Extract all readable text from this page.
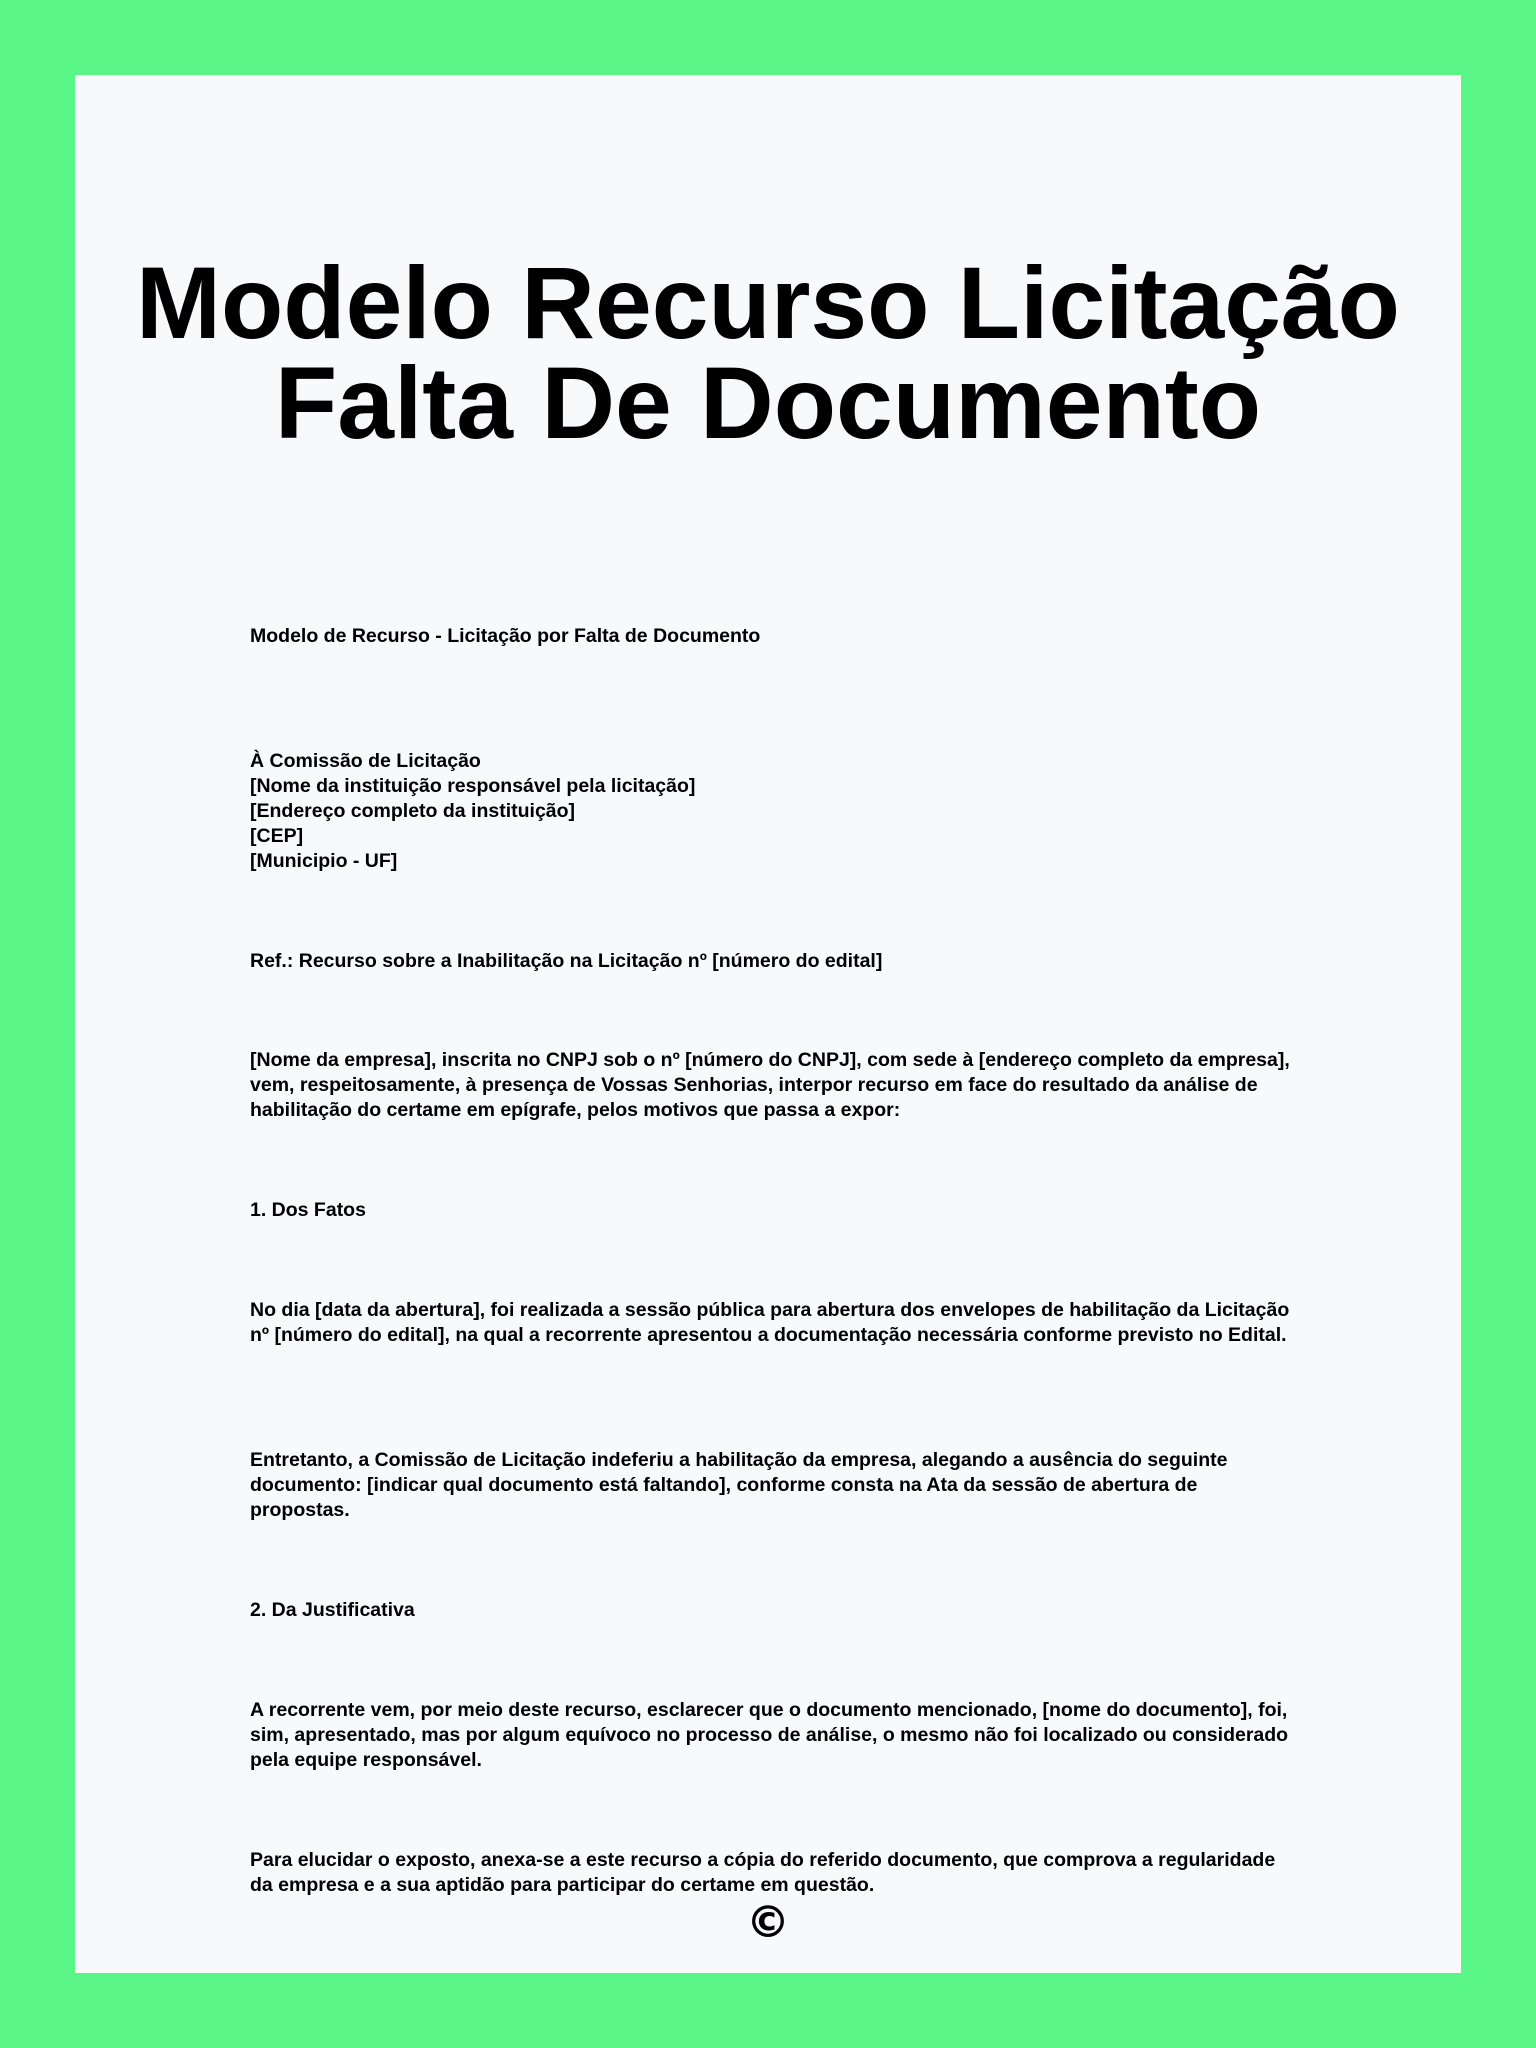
Modelo Recurso Licitação
Falta De Documento

Modelo de Recurso - Licitação por Falta de Documento

À Comissão de Licitação

[Nome da instituição responsável pela licitação]

[Endereço completo da instituição]

[CEP]

[Municipio - UF]

Ref.: Recurso sobre a Inabilitação na Licitação nº [número do edital]

[Nome da empresa], inscrita no CNPJ sob o nº [número do CNPJ], com sede à [endereço completo da empresa], vem, respeitosamente, à presença de Vossas Senhorias, interpor recurso em face do resultado da análise de habilitação do certame em epígrafe, pelos motivos que passa a expor:

1. Dos Fatos

No dia [data da abertura], foi realizada a sessão pública para abertura dos envelopes de habilitação da Licitação nº [número do edital], na qual a recorrente apresentou a documentação necessária conforme previsto no Edital.

Entretanto, a Comissão de Licitação indeferiu a habilitação da empresa, alegando a ausência do seguinte documento: [indicar qual documento está faltando], conforme consta na Ata da sessão de abertura de propostas.

2. Da Justificativa

A recorrente vem, por meio deste recurso, esclarecer que o documento mencionado, [nome do documento], foi, sim, apresentado, mas por algum equívoco no processo de análise, o mesmo não foi localizado ou considerado pela equipe responsável.

Para elucidar o exposto, anexa-se a este recurso a cópia do referido documento, que comprova a regularidade da empresa e a sua aptidão para participar do certame em questão.

©
